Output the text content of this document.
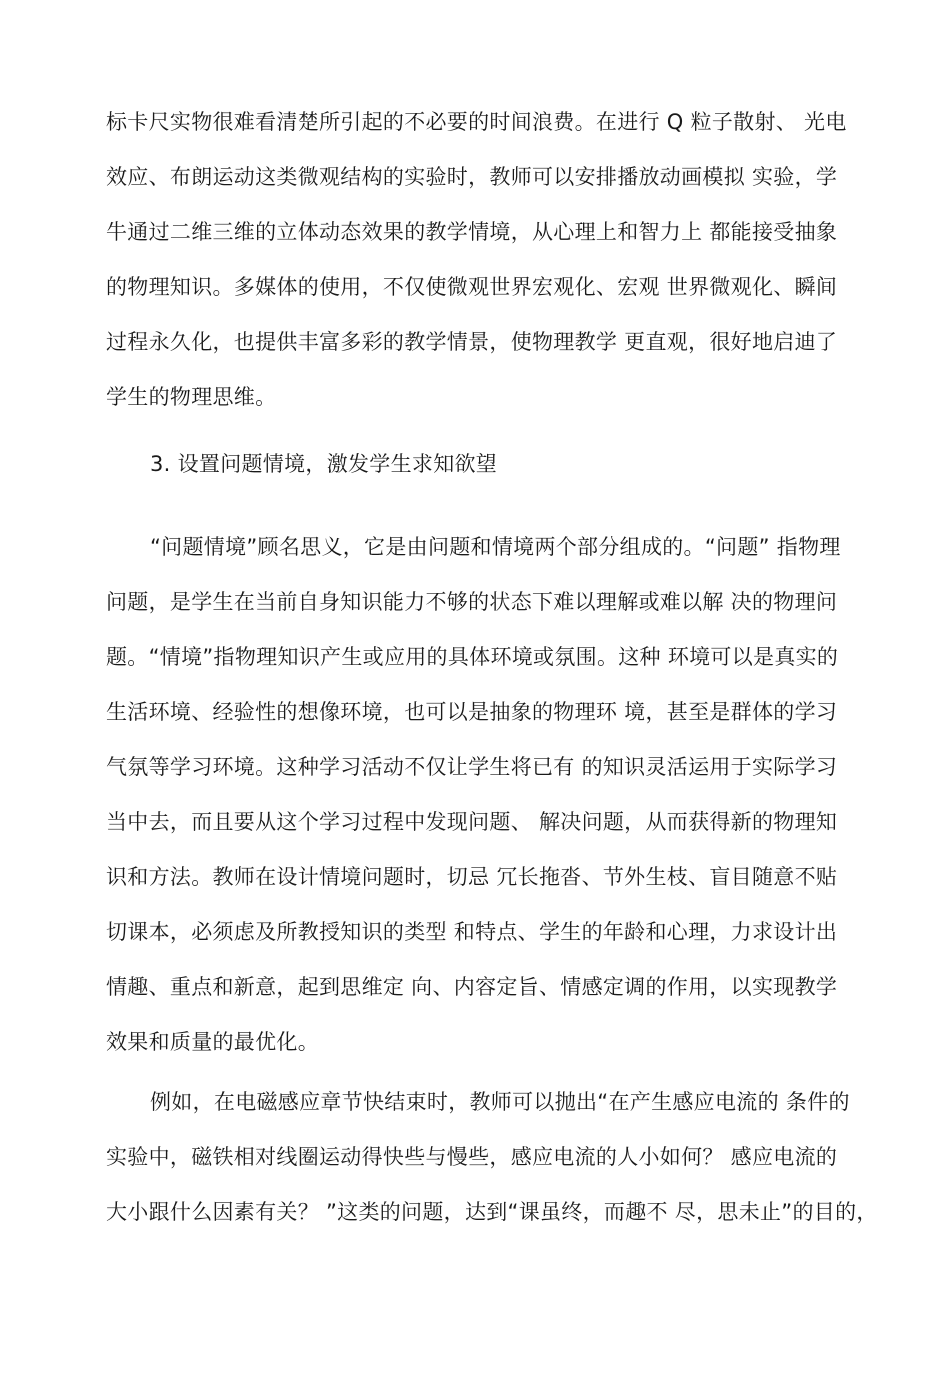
标卡尺实物很难看清楚所引起的不必要的时间浪费。在进行 Q 粒子散射、 光电
效应、布朗运动这类微观结构的实验时，教师可以安排播放动画模拟 实验，学
牛通过二维三维的立体动态效果的教学情境，从心理上和智力上 都能接受抽象
的物理知识。多媒体的使用，不仅使微观世界宏观化、宏观 世界微观化、瞬间
过程永久化，也提供丰富多彩的教学情景，使物理教学 更直观，很好地启迪了
学生的物理思维。
3. 设置问题情境，激发学生求知欲望
“问题情境”顾名思义，它是由问题和情境两个部分组成的。“问题” 指物理
问题，是学生在当前自身知识能力不够的状态下难以理解或难以解 决的物理问
题。“情境”指物理知识产生或应用的具体环境或氛围。这种 环境可以是真实的
生活环境、经验性的想像环境，也可以是抽象的物理环 境，甚至是群体的学习
气氛等学习环境。这种学习活动不仅让学生将已有 的知识灵活运用于实际学习
当中去，而且要从这个学习过程中发现问题、 解决问题，从而获得新的物理知
识和方法。教师在设计情境问题时，切忌 冗长拖沓、节外生枝、盲目随意不贴
切课本，必须虑及所教授知识的类型 和特点、学生的年龄和心理，力求设计出
情趣、重点和新意，起到思维定 向、内容定旨、情感定调的作用，以实现教学
效果和质量的最优化。
例如，在电磁感应章节快结束时，教师可以抛出“在产生感应电流的 条件的
实验中，磁铁相对线圈运动得快些与慢些，感应电流的人小如何？ 感应电流的
大小跟什么因素有关？ ”这类的问题，达到“课虽终，而趣不 尽，思未止”的目的，
